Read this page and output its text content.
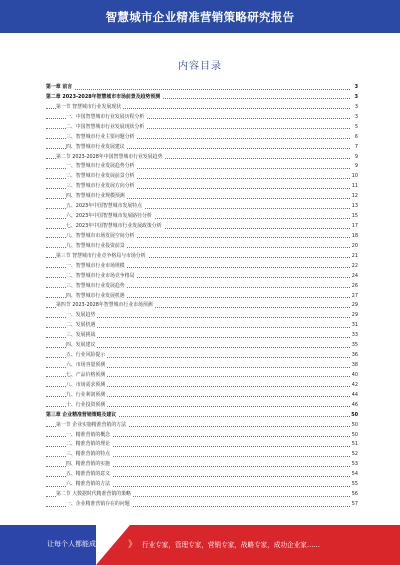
智慧城市企业精准营销策略研究报告
内容目录
第一章 前言	3
第二章 2023-2028年智慧城市市场前景及趋势预测	3
第一节 智慧城市行业发展现状	3
一、中国智慧城市行业发展历程分析	3
二、中国智慧城市行业发展现状分析	5
三、智慧城市行业主要问题分析	6
四、智慧城市行业发展建议	7
第二节 2023-2028年中国智慧城市行业发展趋势	9
一、智慧城市行业发展趋势分析	9
二、智慧城市行业发展前景分析	10
三、智慧城市行业发展方向分析	11
四、智慧城市行业规模预测	12
五、2023年中国智慧城市发展特点	13
六、2023年中国智慧城市发展路径分析	15
七、2023年中国智慧城市行业发展政策分析	17
八、智慧城市市场发展空间分析	18
九、智慧城市行业投资前景	20
第三节 智慧城市行业竞争格局与市场分析	21
一、智慧城市行业市场规模	22
二、智慧城市行业市场竞争格局	24
三、智慧城市行业发展趋势	26
四、智慧城市行业发展机遇	27
第四节 2023-2028年智慧城市行业市场预测	29
一、发展趋势	29
二、发展机遇	31
三、发展挑战	33
四、发展建议	35
五、行业风险提示	36
六、市场容量预测	38
七、产品价格预测	40
八、市场需求预测	42
九、行业利润预测	44
十、行业投资预测	46
第三章 企业精准营销策略及建议	50
第一节 企业实施精准营销的方法	50
一、精准营销的概念	50
二、精准营销的理论	51
三、精准营销的特点	52
四、精准营销的实施	53
五、精准营销的意义	54
六、精准营销的方法	55
第二节 大数据时代精准营销的策略	56
一、企业精准营销存在的问题	57
让每个人都能成为	》 行业专家，管理专家，营销专家，战略专家，成功企业家……
